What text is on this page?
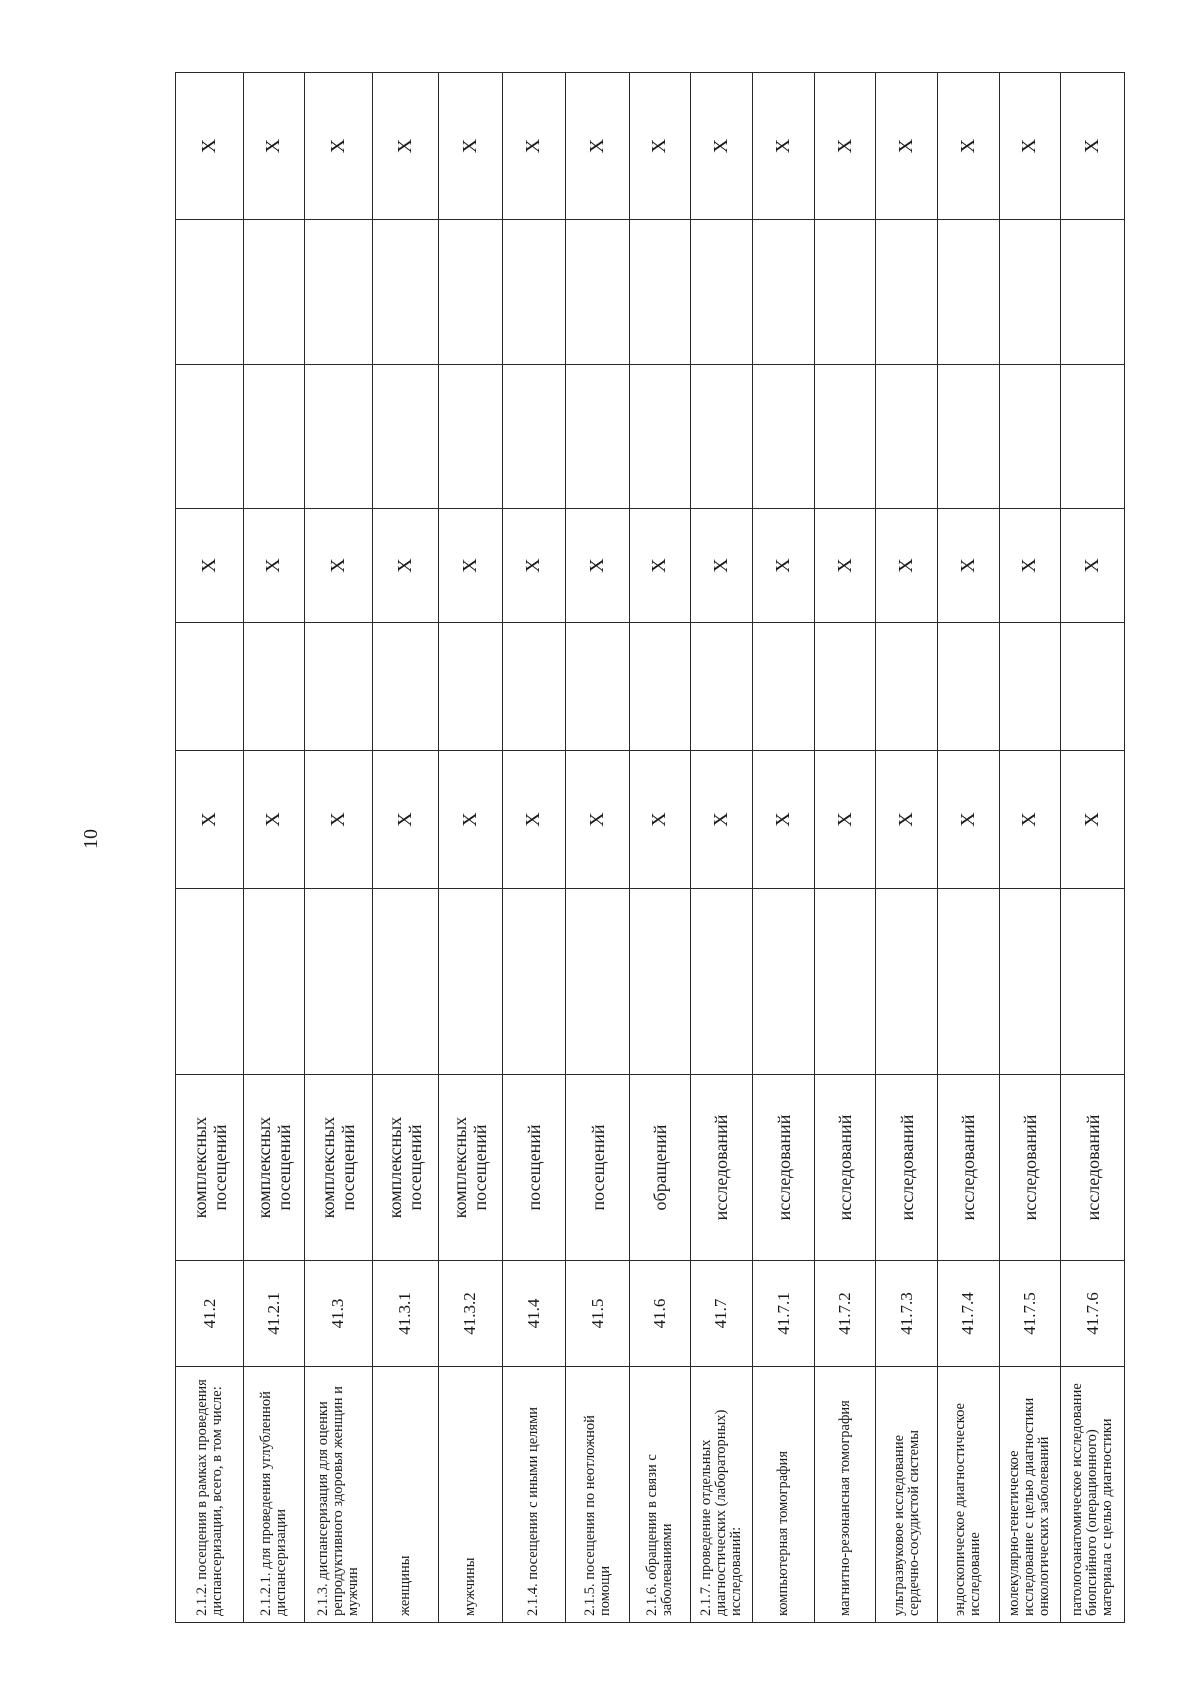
10
2.1.2. посещения в рамках проведения диспансеризации, всего, в том числе:	41.2	комплексных посещений		X		X			X
2.1.2.1. для проведения углубленной диспансеризации	41.2.1	комплексных посещений		X		X			X
2.1.3. диспансеризация для оценки репродуктивного здоровья женщин и мужчин	41.3	комплексных посещений		X		X			X
женщины	41.3.1	комплексных посещений		X		X			X
мужчины	41.3.2	комплексных посещений		X		X			X
2.1.4. посещения с иными целями	41.4	посещений		X		X			X
2.1.5. посещения по неотложной помощи	41.5	посещений		X		X			X
2.1.6. обращения в связи с заболеваниями	41.6	обращений		X		X			X
2.1.7. проведение отдельных диагностических (лабораторных) исследований:	41.7	исследований		X		X			X
компьютерная томография	41.7.1	исследований		X		X			X
магнитно-резонансная томография	41.7.2	исследований		X		X			X
ультразвуковое исследование сердечно-сосудистой системы	41.7.3	исследований		X		X			X
эндоскопическое диагностическое исследование	41.7.4	исследований		X		X			X
молекулярно-генетическое исследование с целью диагностики онкологических заболеваний	41.7.5	исследований		X		X			X
патологоанатомическое исследование биопсийного (операционного) материала с целью диагностики	41.7.6	исследований		X		X			X
